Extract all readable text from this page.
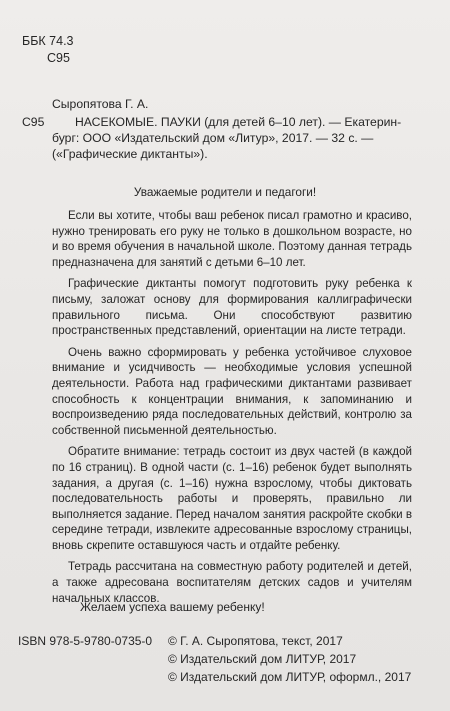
ББК 74.3
С95
Сыропятова Г. А.
С95	НАСЕКОМЫЕ. ПАУКИ (для детей 6–10 лет). — Екатерин-
бург: ООО «Издательский дом «Литур», 2017. — 32 с. —
(«Графические диктанты»).
Уважаемые родители и педагоги!

Если вы хотите, чтобы ваш ребенок писал грамотно и красиво, нужно тренировать его руку не только в дошкольном возрасте, но и во время обучения в начальной школе. Поэтому данная тетрадь предназначена для занятий с детьми 6–10 лет.

Графические диктанты помогут подготовить руку ребенка к письму, заложат основу для формирования каллиграфически правильного письма. Они способствуют развитию пространственных представлений, ориентации на листе тетради.

Очень важно сформировать у ребенка устойчивое слуховое внимание и усидчивость — необходимые условия успешной деятельности. Работа над графическими диктантами развивает способность к концентрации внимания, к запоминанию и воспроизведению ряда последовательных действий, контролю за собственной письменной деятельностью.

Обратите внимание: тетрадь состоит из двух частей (в каждой по 16 страниц). В одной части (с. 1–16) ребенок будет выполнять задания, а другая (с. 1–16) нужна взрослому, чтобы диктовать последовательность работы и проверять, правильно ли выполняется задание. Перед началом занятия раскройте скобки в середине тетради, извлеките адресованные взрослому страницы, вновь скрепите оставшуюся часть и отдайте ребенку.

Тетрадь рассчитана на совместную работу родителей и детей, а также адресована воспитателям детских садов и учителям начальных классов.

Желаем успеха вашему ребенку!
ISBN 978-5-9780-0735-0 © Г. А. Сыропятова, текст, 2017
© Издательский дом ЛИТУР, 2017
© Издательский дом ЛИТУР, оформл., 2017
